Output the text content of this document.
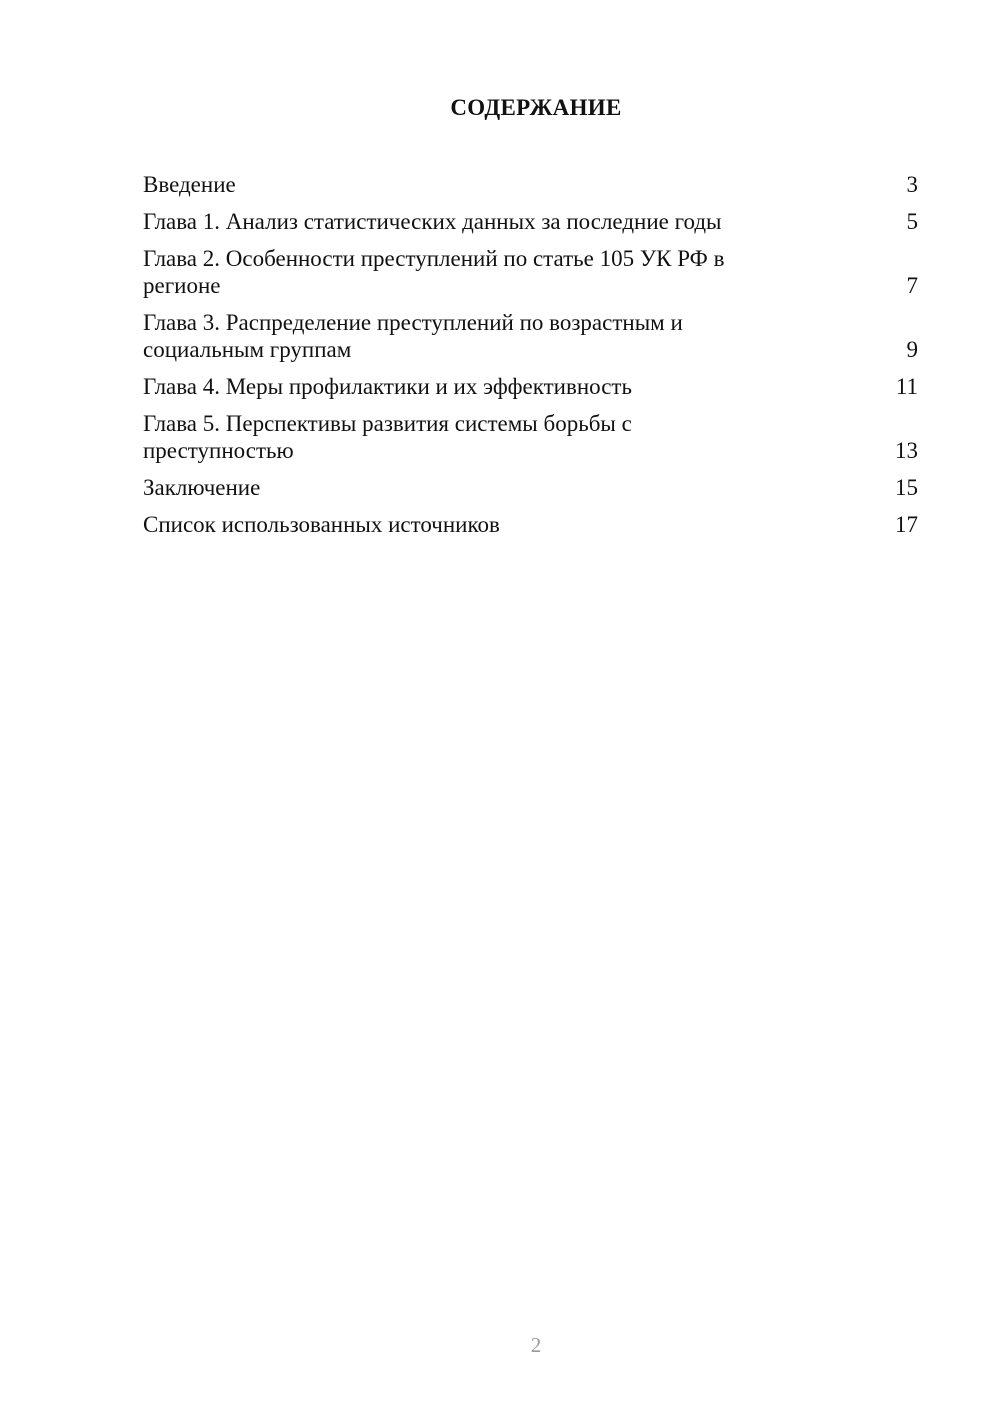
СОДЕРЖАНИЕ
Введение	3
Глава 1. Анализ статистических данных за последние годы	5
Глава 2. Особенности преступлений по статье 105 УК РФ в регионе	7
Глава 3. Распределение преступлений по возрастным и социальным группам	9
Глава 4. Меры профилактики и их эффективность	11
Глава 5. Перспективы развития системы борьбы с преступностью	13
Заключение	15
Список использованных источников	17
2
